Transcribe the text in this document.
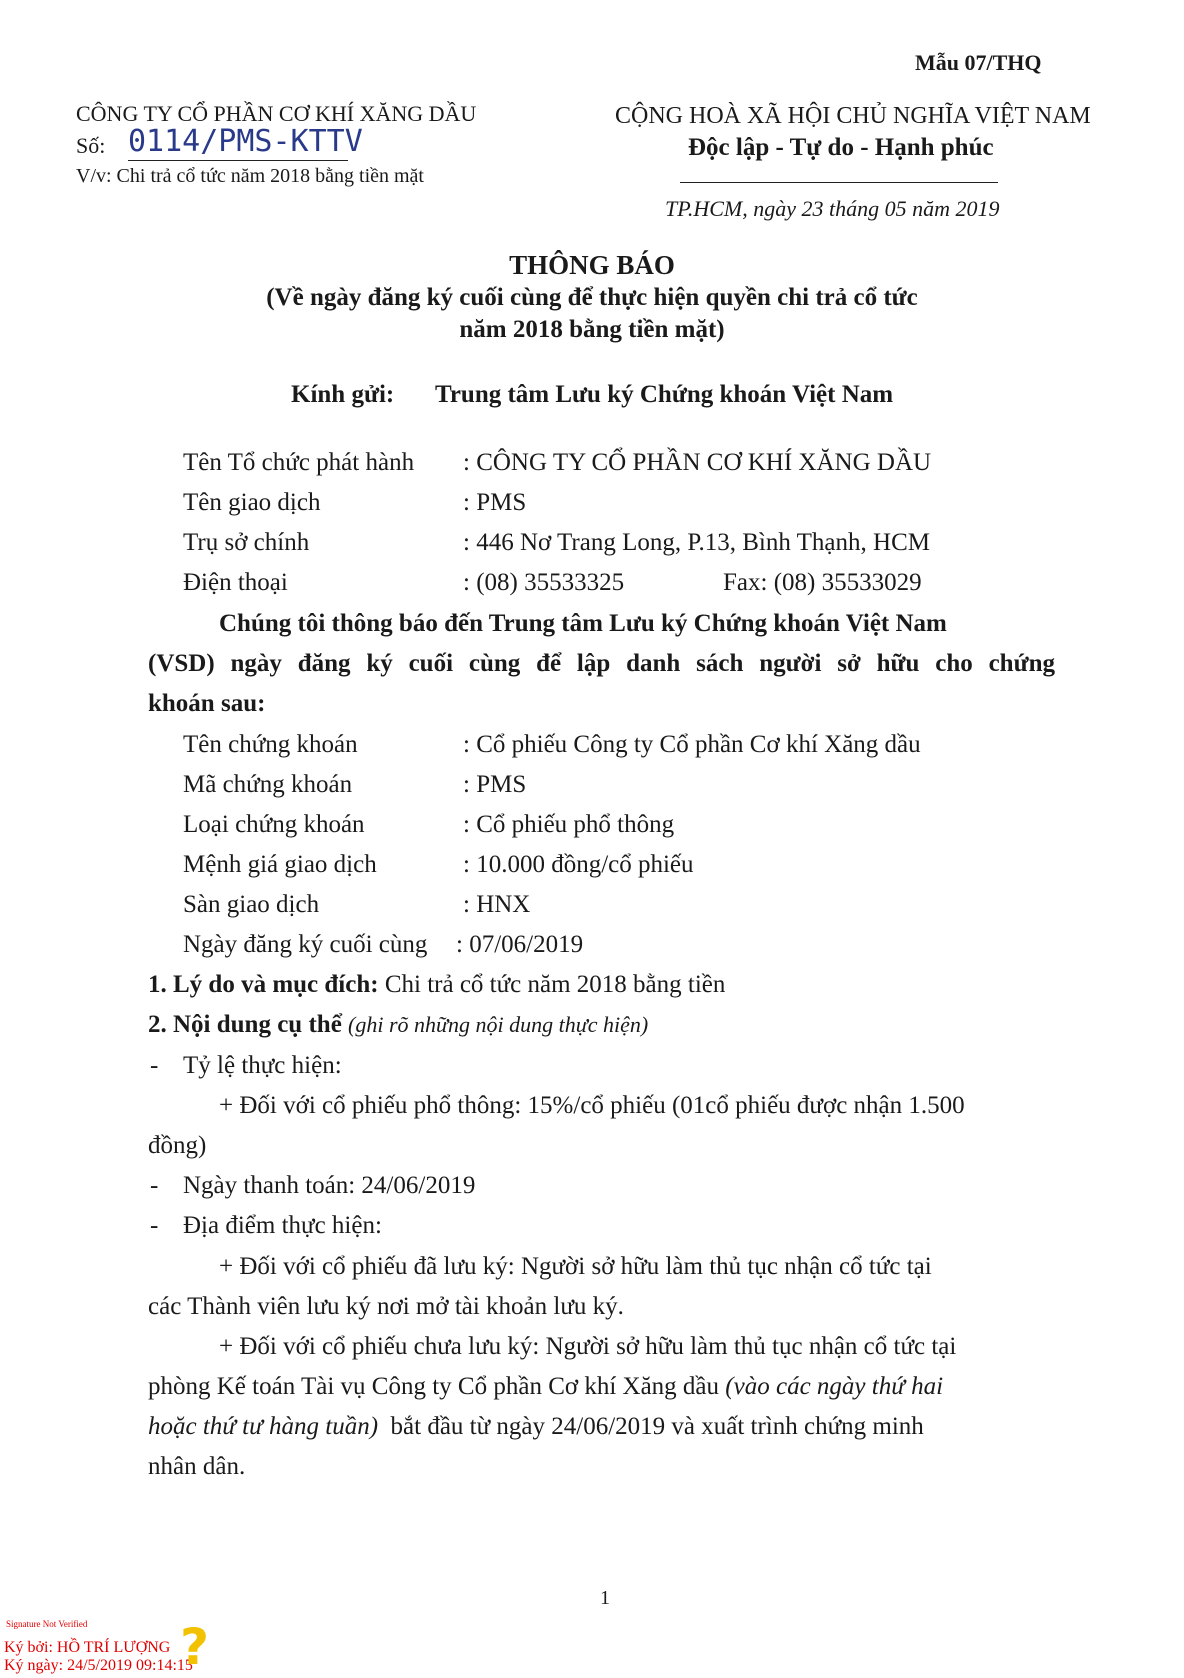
Mẫu 07/THQ
CÔNG TY CỔ PHẦN CƠ KHÍ XĂNG DẦU
Số: 0114/PMS-KTTV
V/v: Chi trả cổ tức năm 2018 bằng tiền mặt
CỘNG HOÀ XÃ HỘI CHỦ NGHĨA VIỆT NAM
Độc lập - Tự do - Hạnh phúc
TP.HCM, ngày 23 tháng 05 năm 2019
THÔNG BÁO
(Về ngày đăng ký cuối cùng để thực hiện quyền chi trả cổ tức
năm 2018 bằng tiền mặt)
Kính gửi: Trung tâm Lưu ký Chứng khoán Việt Nam
Tên Tổ chức phát hành : CÔNG TY CỔ PHẦN CƠ KHÍ XĂNG DẦU
Tên giao dịch	: PMS
Trụ sở chính	: 446 Nơ Trang Long, P.13, Bình Thạnh, HCM
Điện thoại	: (08) 35533325	Fax: (08) 35533029
Chúng tôi thông báo đến Trung tâm Lưu ký Chứng khoán Việt Nam
(VSD) ngày đăng ký cuối cùng để lập danh sách người sở hữu cho chứng
khoán sau:
Tên chứng khoán	: Cổ phiếu Công ty Cổ phần Cơ khí Xăng dầu
Mã chứng khoán	: PMS
Loại chứng khoán	: Cổ phiếu phổ thông
Mệnh giá giao dịch	: 10.000 đồng/cổ phiếu
Sàn giao dịch	: HNX
Ngày đăng ký cuối cùng : 07/06/2019
1. Lý do và mục đích: Chi trả cổ tức năm 2018 bằng tiền
2. Nội dung cụ thể (ghi rõ những nội dung thực hiện)
- Tỷ lệ thực hiện:
+ Đối với cổ phiếu phổ thông: 15%/cổ phiếu (01cổ phiếu được nhận 1.500
đồng)
- Ngày thanh toán: 24/06/2019
- Địa điểm thực hiện:
+ Đối với cổ phiếu đã lưu ký: Người sở hữu làm thủ tục nhận cổ tức tại
các Thành viên lưu ký nơi mở tài khoản lưu ký.
+ Đối với cổ phiếu chưa lưu ký: Người sở hữu làm thủ tục nhận cổ tức tại
phòng Kế toán Tài vụ Công ty Cổ phần Cơ khí Xăng dầu (vào các ngày thứ hai
hoặc thứ tư hàng tuần) bắt đầu từ ngày 24/06/2019 và xuất trình chứng minh
nhân dân.
1
Signature Not Verified
Ký bởi: HỒ TRÍ LƯỢNG
Ký ngày: 24/5/2019 09:14:15
?
